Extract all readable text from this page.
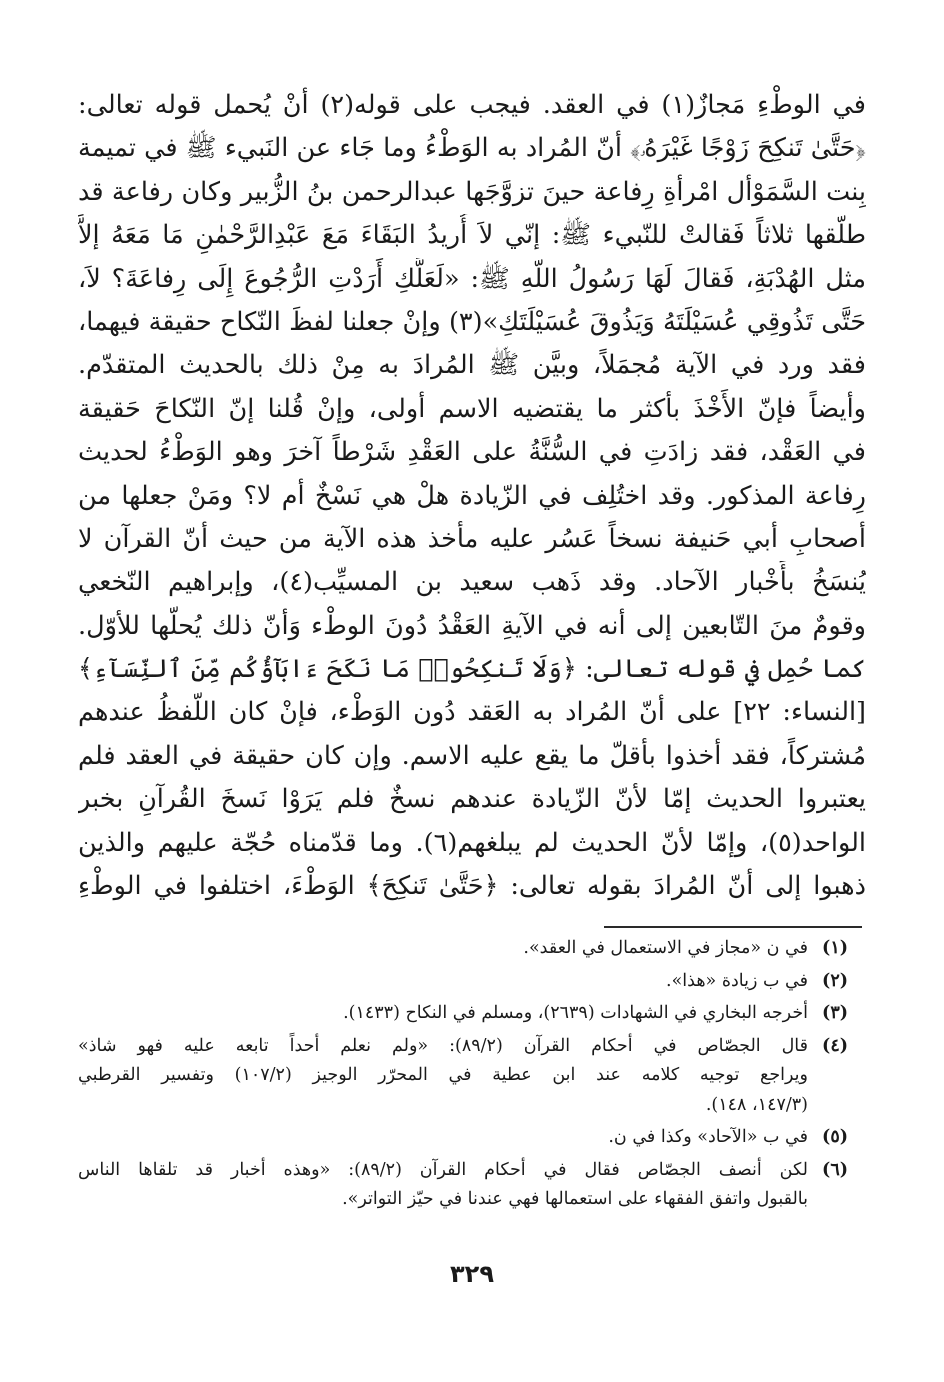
في الوطْءِ مَجازٌ(١) في العقد. فيجب على قوله(٢) أنْ يُحمل قوله تعالى:
﴿حَتَّىٰ تَنكِحَ زَوْجًا غَيْرَهُۥ﴾ أنّ المُراد به الوَطْءُ وما جَاء عن النَبيء ﷺ في تميمة
بِنت السَّمَوْأل امْرأةِ رِفاعة حينَ تزوَّجَها عبدالرحمن بنُ الزُّبير وكان رفاعة قد
طلّقها ثلاثاً فَقالتْ للنّبيء ﷺ: إنّي لاَ أُريدُ البَقَاءَ مَعَ عَبْدِالرَّحْمٰنِ مَا مَعَهُ إلاَّ
مثل الهُدْبَةِ، فَقالَ لَهَا رَسُولُ اللّهِ ﷺ: «لَعَلَّكِ أَرَدْتِ الرُّجُوعَ إِلَى رِفاعَةَ؟ لاَ،
حَتَّى تَذُوقِي عُسَيْلَتَهُ وَيَذُوقَ عُسَيْلَتَكِ»(٣) وإنْ جعلنا لفظَ النّكاح حقيقة فيهما،
فقد ورد في الآية مُجمَلاً، وبيَّن ﷺ المُرادَ به مِنْ ذلك بالحديث المتقدّم.
وأيضاً فإنّ الأَخْذَ بأكثر ما يقتضيه الاسم أولى، وإنْ قُلنا إنّ النّكاحَ حَقيقة
في العَقْد، فقد زادَتِ في السُّنَّةُ على العَقْدِ شَرْطاً آخرَ وهو الوَطْءُ لحديث
رِفاعة المذكور. وقد اختُلِف في الزّيادة هلْ هي نَسْخٌ أم لا؟ ومَنْ جعلها من
أصحابِ أبي حَنيفة نسخاً عَسُر عليه مأخذ هذه الآية من حيث أنّ القرآن لا
يُنسَخُ بأَخْبار الآحاد. وقد ذَهب سعيد بن المسيِّب(٤)، وإبراهيم النّخعي
وقومٌ منَ التّابعين إلى أنه في الآيةِ العَقْدُ دُونَ الوطْء وَأنّ ذلك يُحلّها للأوّل.
كما حُمِل في قوله تعالى: ﴿وَلَا تَنكِحُوا۟ مَا نَكَحَ ءَابَآؤُكُم مِّنَ ٱلنِّسَآءِ﴾
[النساء: ٢٢] على أنّ المُراد به العَقد دُون الوَطْء، فإنْ كان اللّفظُ عندهم
مُشتركاً، فقد أخذوا بأقلّ ما يقع عليه الاسم. وإن كان حقيقة في العقد فلم
يعتبروا الحديث إمّا لأنّ الزّيادة عندهم نسخٌ فلم يَرَوْا نَسخَ القُرآنِ بخبر
الواحد(٥)، وإمّا لأنّ الحديث لم يبلغهم(٦). وما قدّمناه حُجّة عليهم والذين
ذهبوا إلى أنّ المُرادَ بقوله تعالى: ﴿حَتَّىٰ تَنكِحَ﴾ الوَطْءَ، اختلفوا في الوطْءِ
(١)
في ن «مجاز في الاستعمال في العقد».
(٢)
في ب زيادة «هذا».
(٣)
أخرجه البخاري في الشهادات (٢٦٣٩)، ومسلم في النكاح (١٤٣٣).
(٤)
قال الجصّاص في أحكام القرآن (٨٩/٢): «ولم نعلم أحداً تابعه عليه فهو شاذ»
ويراجع توجيه كلامه عند ابن عطية في المحرّر الوجيز (١٠٧/٢) وتفسير القرطبي
(١٤٧/٣، ١٤٨).
(٥)
في ب «الآحاد» وكذا في ن.
(٦)
لكن أنصف الجصّاص فقال في أحكام القرآن (٨٩/٢): «وهذه أخبار قد تلقاها الناس
بالقبول واتفق الفقهاء على استعمالها فهي عندنا في حيّز التواتر».
٣٢٩
